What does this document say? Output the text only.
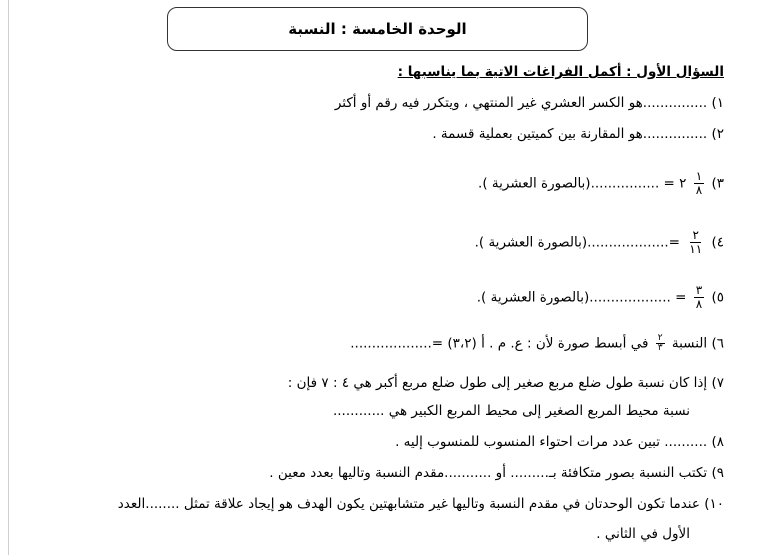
الوحدة الخامسة : النسبة
السؤال الأول : أكمل الفراغات الاتية بما يناسبها :
١) ...............هو الكسر العشري غير المنتهي ، ويتكرر فيه رقم أو أكثر
٢) ...............هو المقارنة بين كميتين بعملية قسمة .
٣)
$\frac{١}{٨}$
٢ = ................(بالصورة العشرية ).
٤)
$\frac{٢}{١١}$
=...................(بالصورة العشرية ).
٥)
$\frac{٣}{٨}$
= ...................(بالصورة العشرية ).
٦) النسبة
$\frac{٢}{٣}$
في أبسط صورة لأن : ع. م . أ (٣،٢) =...................
٧) إذا كان نسبة طول ضلع مربع صغير إلى طول ضلع مربع أكبر هي ٤ : ٧ فإن :
نسبة محيط المربع الصغير إلى محيط المربع الكبير هي ............
٨) .......... تبين عدد مرات احتواء المنسوب للمنسوب إليه .
٩) تكتب النسبة بصور متكافئة بـ......... أو ...........مقدم النسبة وتاليها بعدد معين .
١٠) عندما تكون الوحدتان في مقدم النسبة وتاليها غير متشابهتين يكون الهدف هو إيجاد علاقة تمثل ........العدد
الأول في الثاني .
